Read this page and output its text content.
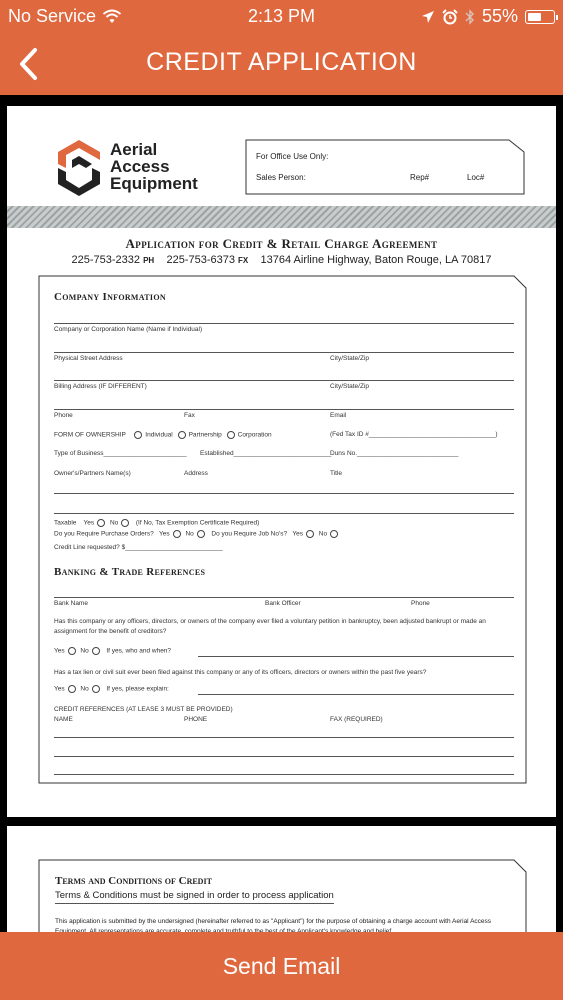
No Service	2:13 PM	55%
CREDIT APPLICATION
Aerial
Access
Equipment
For Office Use Only:
Sales Person:	Rep#	Loc#
Application for Credit & Retail Charge Agreement
225-753-2332 PH 225-753-6373 FX 13764 Airline Highway, Baton Rouge, LA 70817
Company Information
Company or Corporation Name (Name if Individual)
Physical Street Address	City/State/Zip
Billing Address (IF DIFFERENT)	City/State/Zip
Phone	Fax	Email
FORM OF OWNERSHIP	Individual Partnership Corporation	(Fed Tax ID #___________________________________)
Type of Business_______________________ Established___________________________
Duns No.____________________________
Owner's/Partners Name(s)	Address	Title
Taxable Yes No	(If No, Tax Exemption Certificate Required)
Do you Require Purchase Orders? Yes No	Do you Require Job No's? Yes No
Credit Line requested? $___________________________
Banking & Trade References
Bank Name	Bank Officer	Phone
Has this company or any officers, directors, or owners of the company ever filed a voluntary petition in bankruptcy, been adjusted bankrupt or made an assignment for the benefit of creditors?
Yes No	If yes, who and when?
Has a tax lien or civil suit ever been filed against this company or any of its officers, directors or owners within the past five years?
Yes No	If yes, please explain:
CREDIT REFERENCES (AT LEASE 3 MUST BE PROVIDED)
NAME	PHONE	FAX (REQUIRED)
Terms and Conditions of Credit
Terms & Conditions must be signed in order to process application
This application is submitted by the undersigned (hereinafter referred to as "Applicant") for the purpose of obtaining a charge account with Aerial Access
Send Email
